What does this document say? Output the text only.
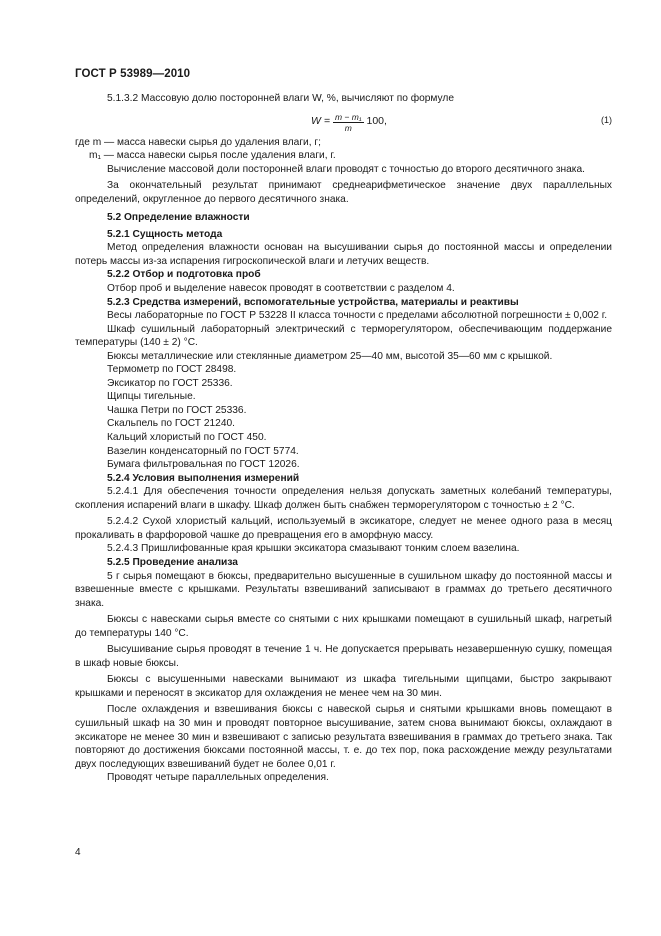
ГОСТ Р 53989—2010

5.1.3.2 Массовую долю посторонней влаги W, %, вычисляют по формуле

$W = \frac{\text{m − m₁}}{m} 100$,	(1)

где m — масса навески сырья до удаления влаги, г;

m₁ — масса навески сырья после удаления влаги, г.

Вычисление массовой доли посторонней влаги проводят с точностью до второго десятичного знака.

За окончательный результат принимают среднеарифметическое значение двух параллельных определений, округленное до первого десятичного знака.

5.2 Определение влажности

5.2.1 Сущность метода

Метод определения влажности основан на высушивании сырья до постоянной массы и определении потерь массы из-за испарения гигроскопической влаги и летучих веществ.

5.2.2 Отбор и подготовка проб

Отбор проб и выделение навесок проводят в соответствии с разделом 4.

5.2.3 Средства измерений, вспомогательные устройства, материалы и реактивы

Весы лабораторные по ГОСТ Р 53228 II класса точности с пределами абсолютной погрешности ± 0,002 г.

Шкаф сушильный лабораторный электрический с терморегулятором, обеспечивающим поддержание температуры (140 ± 2) °С.

Бюксы металлические или стеклянные диаметром 25—40 мм, высотой 35—60 мм с крышкой.

Термометр по ГОСТ 28498.

Эксикатор по ГОСТ 25336.

Щипцы тигельные.

Чашка Петри по ГОСТ 25336.

Скальпель по ГОСТ 21240.

Кальций хлористый по ГОСТ 450.

Вазелин конденсаторный по ГОСТ 5774.

Бумага фильтровальная по ГОСТ 12026.

5.2.4 Условия выполнения измерений

5.2.4.1 Для обеспечения точности определения нельзя допускать заметных колебаний температуры, скопления испарений влаги в шкафу. Шкаф должен быть снабжен терморегулятором с точностью ± 2 °С.

5.2.4.2 Сухой хлористый кальций, используемый в эксикаторе, следует не менее одного раза в месяц прокаливать в фарфоровой чашке до превращения его в аморфную массу.

5.2.4.3 Пришлифованные края крышки эксикатора смазывают тонким слоем вазелина.

5.2.5 Проведение анализа

5 г сырья помещают в бюксы, предварительно высушенные в сушильном шкафу до постоянной массы и взвешенные вместе с крышками. Результаты взвешиваний записывают в граммах до третьего десятичного знака.

Бюксы с навесками сырья вместе со снятыми с них крышками помещают в сушильный шкаф, нагретый до температуры 140 °С.

Высушивание сырья проводят в течение 1 ч. Не допускается прерывать незавершенную сушку, помещая в шкаф новые бюксы.

Бюксы с высушенными навесками вынимают из шкафа тигельными щипцами, быстро закрывают крышками и переносят в эксикатор для охлаждения не менее чем на 30 мин.

После охлаждения и взвешивания бюксы с навеской сырья и снятыми крышками вновь помещают в сушильный шкаф на 30 мин и проводят повторное высушивание, затем снова вынимают бюксы, охлаждают в эксикаторе не менее 30 мин и взвешивают с записью результата взвешивания в граммах до третьего знака. Так повторяют до достижения бюксами постоянной массы, т. е. до тех пор, пока расхождение между результатами двух последующих взвешиваний будет не более 0,01 г.

Проводят четыре параллельных определения.

4
